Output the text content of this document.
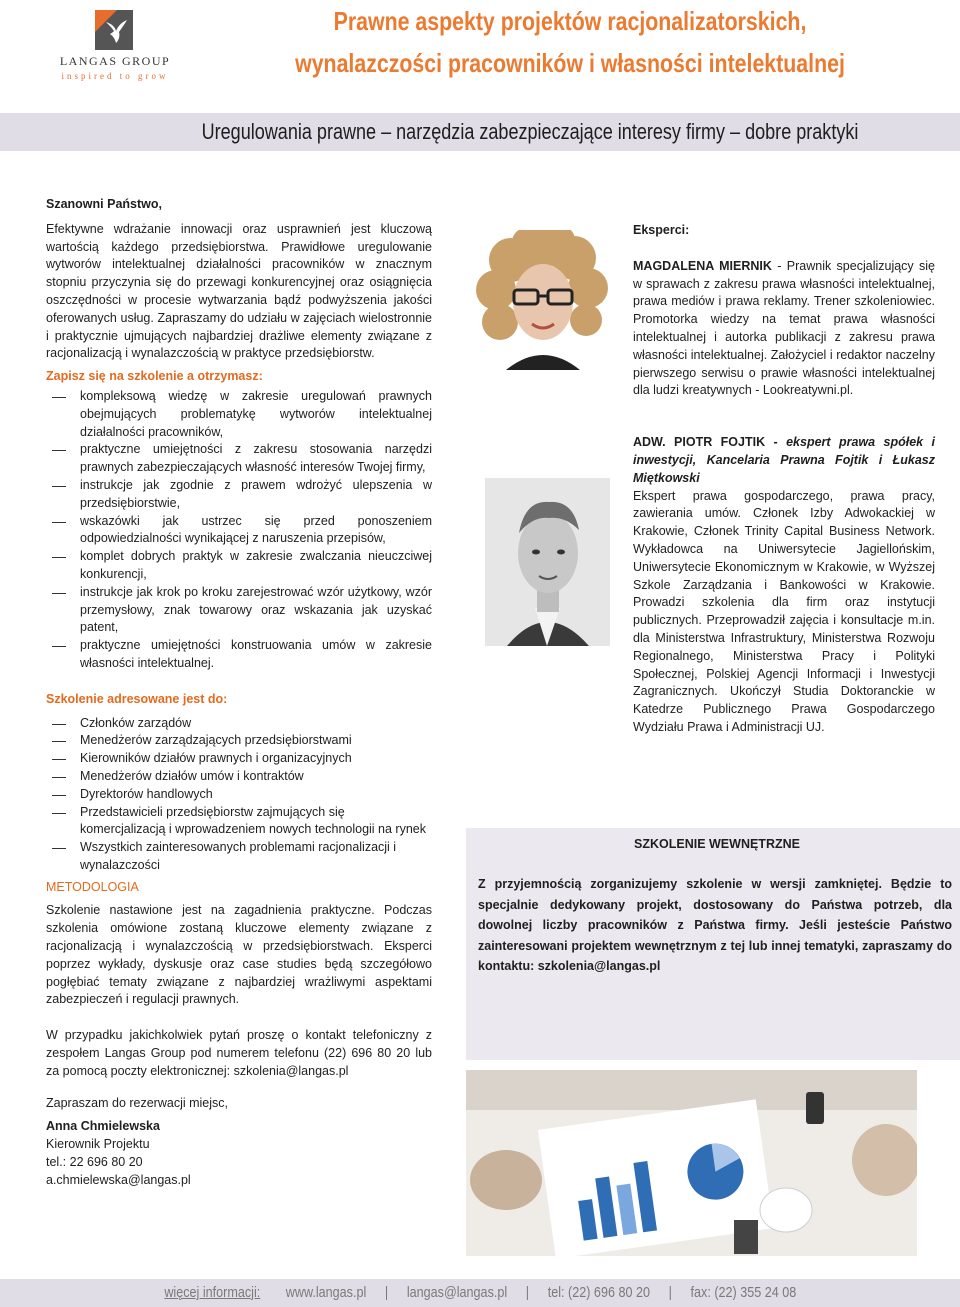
LANGAS GROUP
inspired to grow
Prawne aspekty projektów racjonalizatorskich,
wynalazczości pracowników i własności intelektualnej
Uregulowania prawne – narzędzia zabezpieczające interesy firmy – dobre praktyki

Szanowni Państwo,

Efektywne wdrażanie innowacji oraz usprawnień jest kluczową wartością każdego przedsiębiorstwa. Prawidłowe uregulowanie wytworów intelektualnej działalności pracowników w znacznym stopniu przyczynia się do przewagi konkurencyjnej oraz osiągnięcia oszczędności w procesie wytwarzania bądź podwyższenia jakości oferowanych usług. Zapraszamy do udziału w zajęciach wielostronnie i praktycznie ujmujących najbardziej drażliwe elementy związane z racjonalizacją i wynalazczością w praktyce przedsiębiorstw.

Zapisz się na szkolenie a otrzymasz:

kompleksową wiedzę w zakresie uregulowań prawnych obejmujących problematykę wytworów intelektualnej działalności pracowników,
praktyczne umiejętności z zakresu stosowania narzędzi prawnych zabezpieczających własność interesów Twojej firmy,
instrukcje jak zgodnie z prawem wdrożyć ulepszenia w przedsiębiorstwie,
wskazówki jak ustrzec się przed ponoszeniem odpowiedzialności wynikającej z naruszenia przepisów,
komplet dobrych praktyk w zakresie zwalczania nieuczciwej konkurencji,
instrukcje jak krok po kroku zarejestrować wzór użytkowy, wzór przemysłowy, znak towarowy oraz wskazania jak uzyskać patent,
praktyczne umiejętności konstruowania umów w zakresie własności intelektualnej.

Szkolenie adresowane jest do:

Członków zarządów
Menedżerów zarządzających przedsiębiorstwami
Kierowników działów prawnych i organizacyjnych
Menedżerów działów umów i kontraktów
Dyrektorów handlowych
Przedstawicieli przedsiębiorstw zajmujących się komercjalizacją i wprowadzeniem nowych technologii na rynek
Wszystkich zainteresowanych problemami racjonalizacji i wynalazczości

METODOLOGIA

Szkolenie nastawione jest na zagadnienia praktyczne. Podczas szkolenia omówione zostaną kluczowe elementy związane z racjonalizacją i wynalazczością w przedsiębiorstwach. Eksperci poprzez wykłady, dyskusje oraz case studies będą szczegółowo pogłębiać tematy związane z najbardziej wrażliwymi aspektami zabezpieczeń i regulacji prawnych.

W przypadku jakichkolwiek pytań proszę o kontakt telefoniczny z zespołem Langas Group pod numerem telefonu (22) 696 80 20 lub za pomocą poczty elektronicznej: szkolenia@langas.pl

Zapraszam do rezerwacji miejsc,

Anna Chmielewska

Kierownik Projektu

tel.: 22 696 80 20

a.chmielewska@langas.pl

Eksperci:

MAGDALENA MIERNIK - Prawnik specjalizujący się w sprawach z zakresu prawa własności intelektualnej, prawa mediów i prawa reklamy. Trener szkoleniowiec. Promotorka wiedzy na temat prawa własności intelektualnej i autorka publikacji z zakresu prawa własności intelektualnej. Założyciel i redaktor naczelny pierwszego serwisu o prawie własności intelektualnej dla ludzi kreatywnych - Lookreatywni.pl.

ADW. PIOTR FOJTIK - ekspert prawa spółek i inwestycji, Kancelaria Prawna Fojtik i Łukasz Miętkowski

Ekspert prawa gospodarczego, prawa pracy, zawierania umów. Członek Izby Adwokackiej w Krakowie, Członek Trinity Capital Business Network. Wykładowca na Uniwersytecie Jagiellońskim, Uniwersytecie Ekonomicznym w Krakowie, w Wyższej Szkole Zarządzania i Bankowości w Krakowie. Prowadzi szkolenia dla firm oraz instytucji publicznych. Przeprowadził zajęcia i konsultacje m.in. dla Ministerstwa Infrastruktury, Ministerstwa Rozwoju Regionalnego, Ministerstwa Pracy i Polityki Społecznej, Polskiej Agencji Informacji i Inwestycji Zagranicznych. Ukończył Studia Doktoranckie w Katedrze Publicznego Prawa Gospodarczego Wydziału Prawa i Administracji UJ.

SZKOLENIE WEWNĘTRZNE
Z przyjemnością zorganizujemy szkolenie w wersji zamkniętej. Będzie to specjalnie dedykowany projekt, dostosowany do Państwa potrzeb, dla dowolnej liczby pracowników z Państwa firmy. Jeśli jesteście Państwo zainteresowani projektem wewnętrznym z tej lub innej tematyki, zapraszamy do kontaktu: szkolenia@langas.pl
więcej informacji: www.langas.pl | langas@langas.pl | tel: (22) 696 80 20 | fax: (22) 355 24 08
